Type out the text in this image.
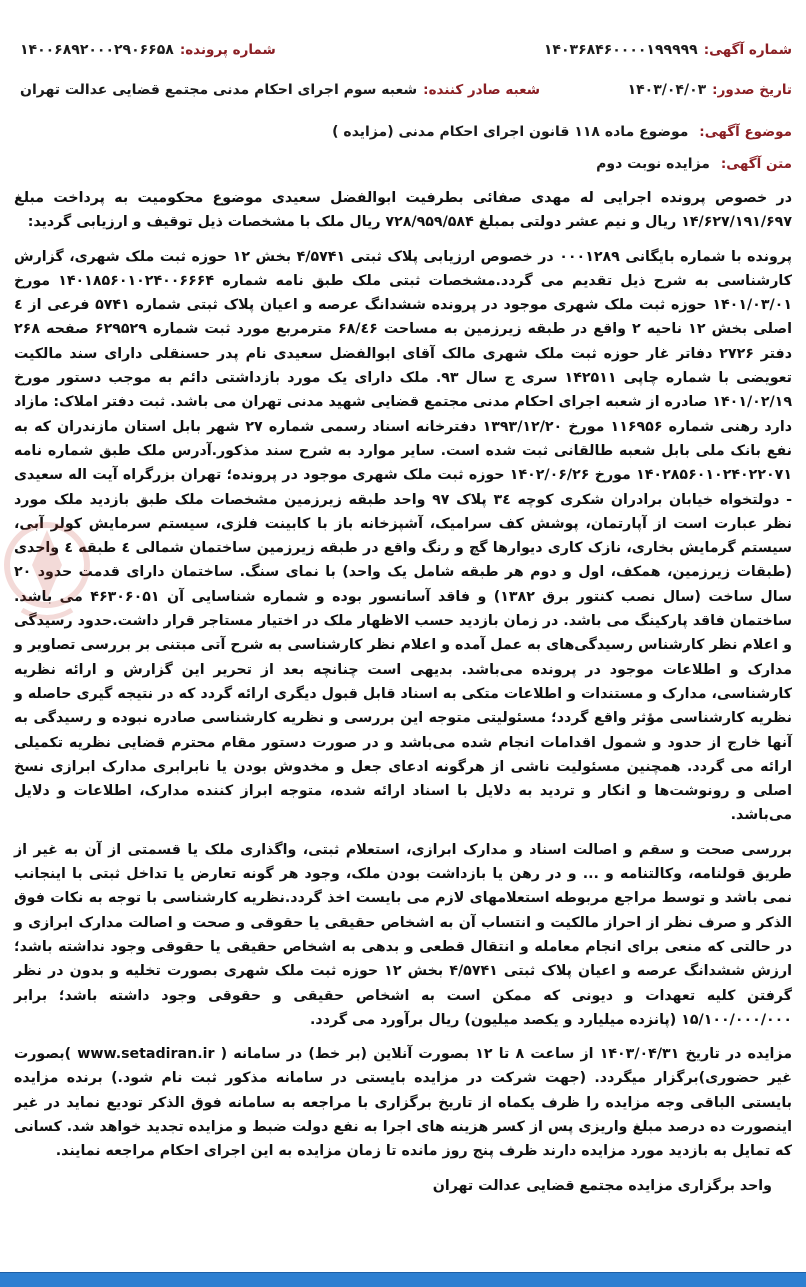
شماره آگهی:
۱۴۰۳۶۸۴۶۰۰۰۰۱۹۹۹۹۹
شماره پرونده:
۱۴۰۰۶۸۹۲۰۰۰۲۹۰۶۶۵۸
تاریخ صدور:
۱۴۰۳/۰۴/۰۳
شعبه صادر کننده:
شعبه سوم اجرای احکام مدنی مجتمع قضایی عدالت تهران
موضوع آگهی: موضوع ماده ۱۱۸ قانون اجرای احکام مدنی (مزایده )
متن آگهی: مزایده نوبت دوم

در خصوص پرونده اجرایی له مهدی صفائی بطرفیت ابوالفضل سعیدی موضوع محکومیت به پرداخت مبلغ ۱۴/۶۲۷/۱۹۱/۶۹۷ ریال و نیم عشر دولتی بمبلغ ۷۲۸/۹۵۹/۵۸۴ ریال ملک با مشخصات ذیل توقیف و ارزیابی گردید:

پرونده با شماره بایگانی ۰۰۰۱۲۸۹ در خصوص ارزیابی پلاک ثبتی ۴/۵۷۴۱ بخش ۱۲ حوزه ثبت ملک شهری، گزارش کارشناسی به شرح ذیل تقدیم می گردد.مشخصات ثبتی ملک طبق نامه شماره ۱۴۰۱۸۵۶۰۱۰۲۴۰۰۶۶۶۴ مورخ ۱۴۰۱/۰۳/۰۱ حوزه ثبت ملک شهری موجود در پرونده ششدانگ عرصه و اعیان پلاک ثبتی شماره ۵۷۴۱ فرعی از ٤ اصلی بخش ۱۲ ناحیه ۲ واقع در طبقه زیرزمین به مساحت ۶۸/٤۶ مترمربع مورد ثبت شماره ۶۲۹۵۲۹ صفحه ۲۶۸ دفتر ۲۷۲۶ دفاتر غار حوزه ثبت ملک شهری مالک آقای ابوالفضل سعیدی نام پدر حسنقلی دارای سند مالکیت تعویضی با شماره چاپی ۱۴۲۵۱۱ سری ج سال ۹۳. ملک دارای یک مورد بازداشتی دائم به موجب دستور مورخ ۱۴۰۱/۰۲/۱۹ صادره از شعبه اجرای احکام مدنی مجتمع قضایی شهید مدنی تهران می باشد. ثبت دفتر املاک: مازاد دارد رهنی شماره ۱۱۶۹۵۶ مورخ ۱۳۹۳/۱۲/۲۰ دفترخانه اسناد رسمی شماره ۲۷ شهر بابل استان مازندران که به نفع بانک ملی بابل شعبه طالقانی ثبت شده است. سایر موارد به شرح سند مذکور.آدرس ملک طبق شماره نامه ۱۴۰۲۸۵۶۰۱۰۲۴۰۲۲۰۷۱ مورخ ۱۴۰۲/۰۶/۲۶ حوزه ثبت ملک شهری موجود در پرونده؛ تهران بزرگراه آیت اله سعیدی - دولتخواه خیابان برادران شکری کوچه ۳٤ پلاک ۹۷ واحد طبقه زیرزمین مشخصات ملک طبق بازدید ملک مورد نظر عبارت است از آپارتمان، پوشش کف سرامیک، آشپزخانه باز با کابینت فلزی، سیستم سرمایش کولر آبی، سیستم گرمایش بخاری، نازک کاری دیوارها گچ و رنگ واقع در طبقه زیرزمین ساختمان شمالی ٤ طبقه ٤ واحدی (طبقات زیرزمین، همکف، اول و دوم هر طبقه شامل یک واحد) با نمای سنگ. ساختمان دارای قدمت حدود ۲۰ سال ساخت (سال نصب کنتور برق ۱۳۸۲) و فاقد آسانسور بوده و شماره شناسایی آن ۴۶۳۰۶۰۵۱ می باشد. ساختمان فاقد پارکینگ می باشد. در زمان بازدید حسب الاظهار ملک در اختیار مستاجر قرار داشت.حدود رسیدگی و اعلام نظر کارشناس رسیدگی‌های به عمل آمده و اعلام نظر کارشناسی به شرح آتی مبتنی بر بررسی تصاویر و مدارک و اطلاعات موجود در پرونده می‌باشد. بدیهی است چنانچه بعد از تحریر این گزارش و ارائه نظریه کارشناسی، مدارک و مستندات و اطلاعات متکی به اسناد قابل قبول دیگری ارائه گردد که در نتیجه گیری حاصله و نظریه کارشناسی مؤثر واقع گردد؛ مسئولیتی متوجه این بررسی و نظریه کارشناسی صادره نبوده و رسیدگی به آنها خارج از حدود و شمول اقدامات انجام شده می‌باشد و در صورت دستور مقام محترم قضایی نظریه تکمیلی ارائه می گردد. همچنین مسئولیت ناشی از هرگونه ادعای جعل و مخدوش بودن یا نابرابری مدارک ابرازی نسخ اصلی و رونوشت‌ها و انکار و تردید به دلایل با اسناد ارائه شده، متوجه ابراز کننده مدارک، اطلاعات و دلایل می‌باشد.

بررسی صحت و سقم و اصالت اسناد و مدارک ابرازی، استعلام ثبتی، واگذاری ملک یا قسمتی از آن به غیر از طریق قولنامه، وکالتنامه و ... و در رهن یا بازداشت بودن ملک، وجود هر گونه تعارض یا تداخل ثبتی با اینجانب نمی باشد و توسط مراجع مربوطه استعلامهای لازم می بایست اخذ گردد.نظریه کارشناسی با توجه به نکات فوق الذکر و صرف نظر از احراز مالکیت و انتساب آن به اشخاص حقیقی یا حقوقی و صحت و اصالت مدارک ابرازی و در حالتی که منعی برای انجام معامله و انتقال قطعی و بدهی به اشخاص حقیقی یا حقوقی وجود نداشته باشد؛ ارزش ششدانگ عرصه و اعیان پلاک ثبتی ۴/۵۷۴۱ بخش ۱۲ حوزه ثبت ملک شهری بصورت تخلیه و بدون در نظر گرفتن کلیه تعهدات و دیونی که ممکن است به اشخاص حقیقی و حقوقی وجود داشته باشد؛ برابر ۱۵/۱۰۰/۰۰۰/۰۰۰ (پانزده میلیارد و یکصد میلیون) ریال برآورد می گردد.

مزایده در تاریخ ۱۴۰۳/۰۴/۳۱ از ساعت ۸ تا ۱۲ بصورت آنلاین (بر خط) در سامانه ( www.setadiran.ir )بصورت غیر حضوری)برگزار میگردد. (جهت شرکت در مزایده بایستی در سامانه مذکور ثبت نام شود.) برنده مزایده بایستی الباقی وجه مزایده را ظرف یکماه از تاریخ برگزاری با مراجعه به سامانه فوق الذکر تودیع نماید در غیر اینصورت ده درصد مبلغ واریزی پس از کسر هزینه های اجرا به نفع دولت ضبط و مزایده تجدید خواهد شد. کسانی که تمایل به بازدید مورد مزایده دارند ظرف پنج روز مانده تا زمان مزایده به این اجرای احکام مراجعه نمایند.

واحد برگزاری مزایده مجتمع قضایی عدالت تهران
